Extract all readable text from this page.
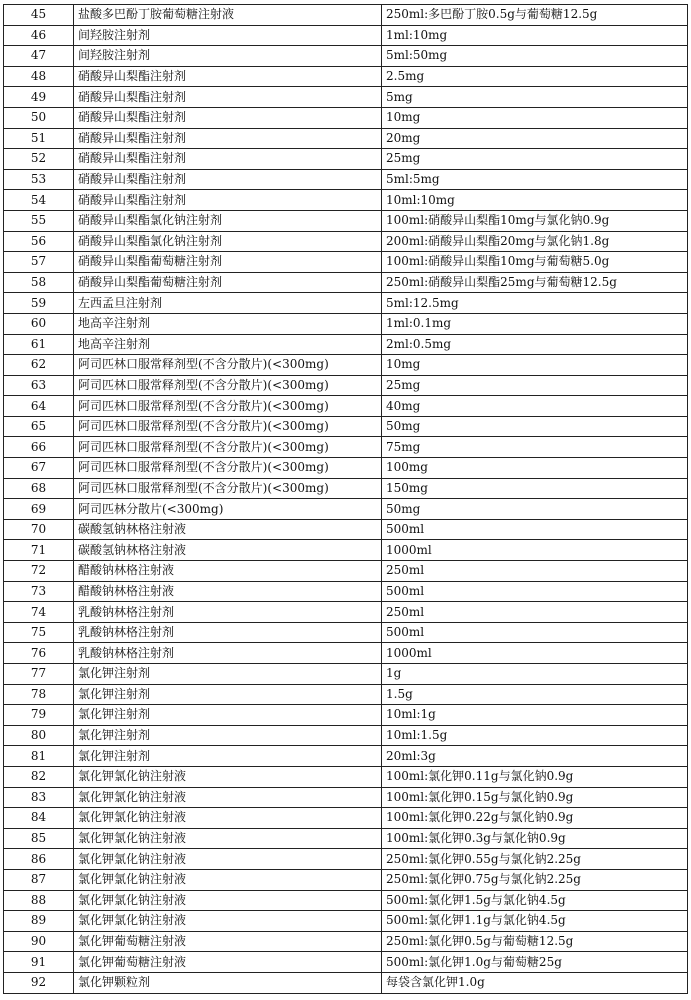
45	盐酸多巴酚丁胺葡萄糖注射液	250ml:多巴酚丁胺0.5g与葡萄糖12.5g
46	间羟胺注射剂	1ml:10mg
47	间羟胺注射剂	5ml:50mg
48	硝酸异山梨酯注射剂	2.5mg
49	硝酸异山梨酯注射剂	5mg
50	硝酸异山梨酯注射剂	10mg
51	硝酸异山梨酯注射剂	20mg
52	硝酸异山梨酯注射剂	25mg
53	硝酸异山梨酯注射剂	5ml:5mg
54	硝酸异山梨酯注射剂	10ml:10mg
55	硝酸异山梨酯氯化钠注射剂	100ml:硝酸异山梨酯10mg与氯化钠0.9g
56	硝酸异山梨酯氯化钠注射剂	200ml:硝酸异山梨酯20mg与氯化钠1.8g
57	硝酸异山梨酯葡萄糖注射剂	100ml:硝酸异山梨酯10mg与葡萄糖5.0g
58	硝酸异山梨酯葡萄糖注射剂	250ml:硝酸异山梨酯25mg与葡萄糖12.5g
59	左西孟旦注射剂	5ml:12.5mg
60	地高辛注射剂	1ml:0.1mg
61	地高辛注射剂	2ml:0.5mg
62	阿司匹林口服常释剂型(不含分散片)(<300mg)	10mg
63	阿司匹林口服常释剂型(不含分散片)(<300mg)	25mg
64	阿司匹林口服常释剂型(不含分散片)(<300mg)	40mg
65	阿司匹林口服常释剂型(不含分散片)(<300mg)	50mg
66	阿司匹林口服常释剂型(不含分散片)(<300mg)	75mg
67	阿司匹林口服常释剂型(不含分散片)(<300mg)	100mg
68	阿司匹林口服常释剂型(不含分散片)(<300mg)	150mg
69	阿司匹林分散片(<300mg)	50mg
70	碳酸氢钠林格注射液	500ml
71	碳酸氢钠林格注射液	1000ml
72	醋酸钠林格注射液	250ml
73	醋酸钠林格注射液	500ml
74	乳酸钠林格注射剂	250ml
75	乳酸钠林格注射剂	500ml
76	乳酸钠林格注射剂	1000ml
77	氯化钾注射剂	1g
78	氯化钾注射剂	1.5g
79	氯化钾注射剂	10ml:1g
80	氯化钾注射剂	10ml:1.5g
81	氯化钾注射剂	20ml:3g
82	氯化钾氯化钠注射液	100ml:氯化钾0.11g与氯化钠0.9g
83	氯化钾氯化钠注射液	100ml:氯化钾0.15g与氯化钠0.9g
84	氯化钾氯化钠注射液	100ml:氯化钾0.22g与氯化钠0.9g
85	氯化钾氯化钠注射液	100ml:氯化钾0.3g与氯化钠0.9g
86	氯化钾氯化钠注射液	250ml:氯化钾0.55g与氯化钠2.25g
87	氯化钾氯化钠注射液	250ml:氯化钾0.75g与氯化钠2.25g
88	氯化钾氯化钠注射液	500ml:氯化钾1.5g与氯化钠4.5g
89	氯化钾氯化钠注射液	500ml:氯化钾1.1g与氯化钠4.5g
90	氯化钾葡萄糖注射液	250ml:氯化钾0.5g与葡萄糖12.5g
91	氯化钾葡萄糖注射液	500ml:氯化钾1.0g与葡萄糖25g
92	氯化钾颗粒剂	每袋含氯化钾1.0g
